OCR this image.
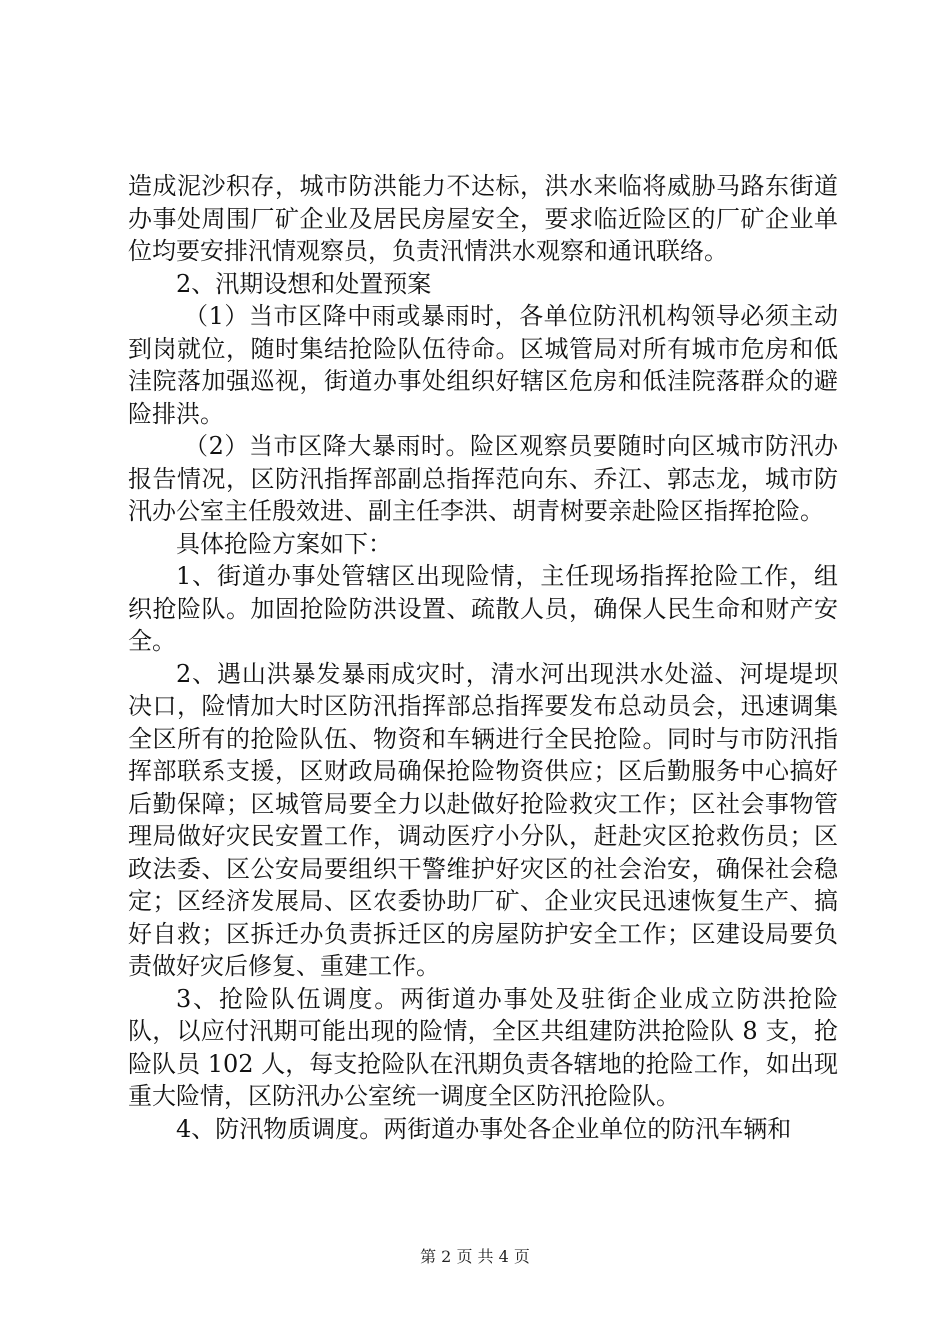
造成泥沙积存，城市防洪能力不达标，洪水来临将威胁马路东街道办事处周围厂矿企业及居民房屋安全，要求临近险区的厂矿企业单位均要安排汛情观察员，负责汛情洪水观察和通讯联络。

2、汛期设想和处置预案

（1）当市区降中雨或暴雨时，各单位防汛机构领导必须主动到岗就位，随时集结抢险队伍待命。区城管局对所有城市危房和低洼院落加强巡视，街道办事处组织好辖区危房和低洼院落群众的避险排洪。

（2）当市区降大暴雨时。险区观察员要随时向区城市防汛办报告情况，区防汛指挥部副总指挥范向东、乔江、郭志龙，城市防汛办公室主任殷效进、副主任李洪、胡青树要亲赴险区指挥抢险。

具体抢险方案如下：

1、街道办事处管辖区出现险情，主任现场指挥抢险工作，组织抢险队。加固抢险防洪设置、疏散人员，确保人民生命和财产安全。

2、遇山洪暴发暴雨成灾时，清水河出现洪水处溢、河堤堤坝决口，险情加大时区防汛指挥部总指挥要发布总动员会，迅速调集全区所有的抢险队伍、物资和车辆进行全民抢险。同时与市防汛指挥部联系支援，区财政局确保抢险物资供应；区后勤服务中心搞好后勤保障；区城管局要全力以赴做好抢险救灾工作；区社会事物管理局做好灾民安置工作，调动医疗小分队，赶赴灾区抢救伤员；区政法委、区公安局要组织干警维护好灾区的社会治安，确保社会稳定；区经济发展局、区农委协助厂矿、企业灾民迅速恢复生产、搞好自救；区拆迁办负责拆迁区的房屋防护安全工作；区建设局要负责做好灾后修复、重建工作。

3、抢险队伍调度。两街道办事处及驻街企业成立防洪抢险队，以应付汛期可能出现的险情，全区共组建防洪抢险队 8 支，抢险队员 102 人，每支抢险队在汛期负责各辖地的抢险工作，如出现重大险情，区防汛办公室统一调度全区防汛抢险队。

4、防汛物质调度。两街道办事处各企业单位的防汛车辆和

第 2 页 共 4 页
